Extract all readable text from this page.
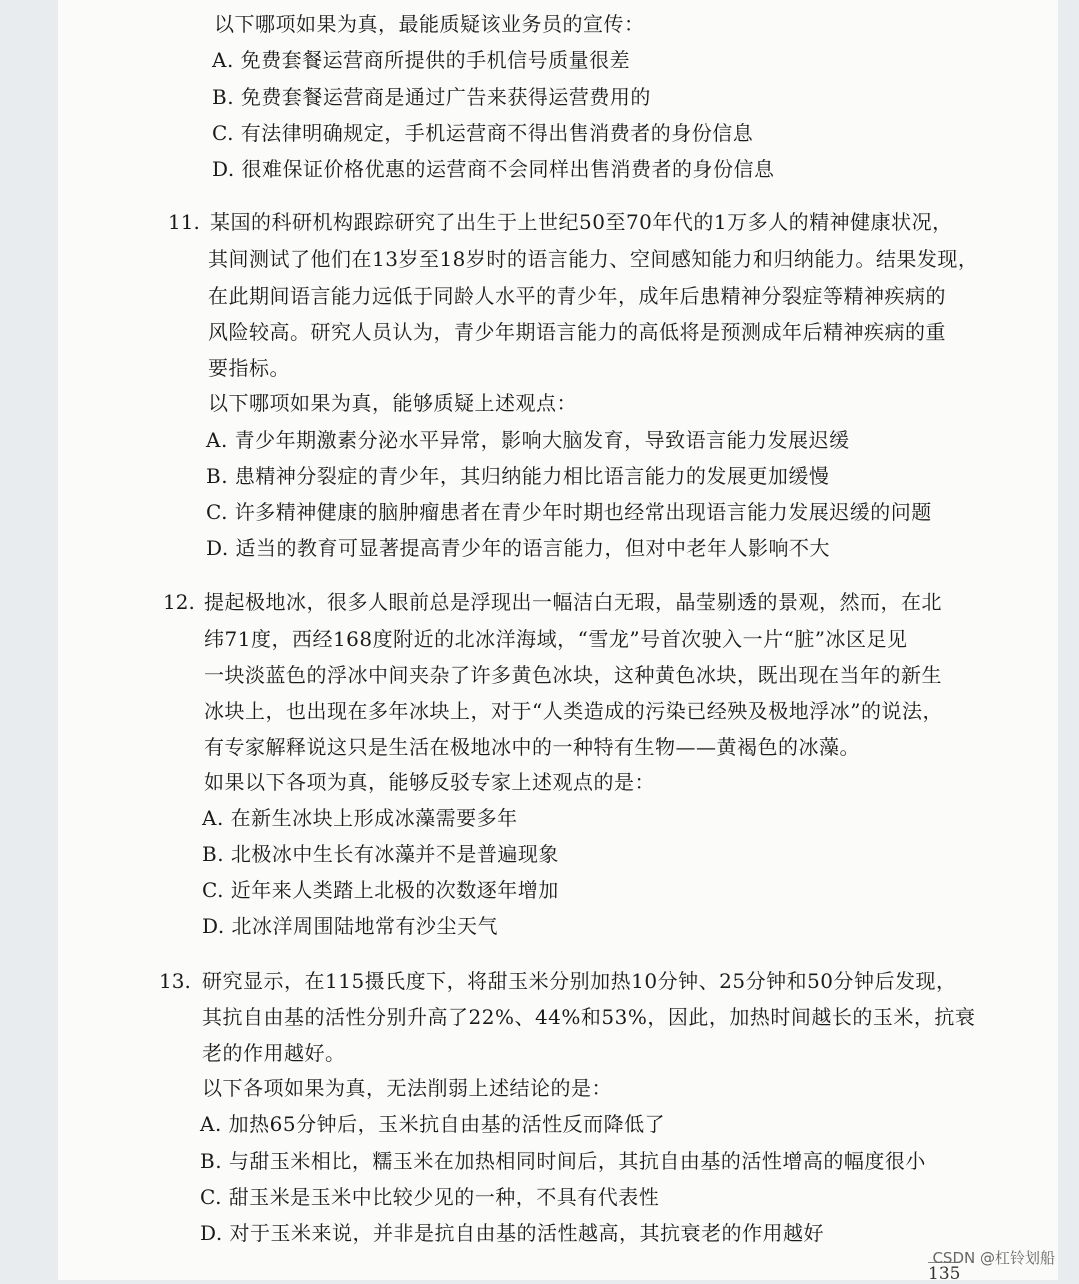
以下哪项如果为真，最能质疑该业务员的宣传：
A. 免费套餐运营商所提供的手机信号质量很差
B. 免费套餐运营商是通过广告来获得运营费用的
C. 有法律明确规定，手机运营商不得出售消费者的身份信息
D. 很难保证价格优惠的运营商不会同样出售消费者的身份信息
11. 某国的科研机构跟踪研究了出生于上世纪50至70年代的1万多人的精神健康状况，
其间测试了他们在13岁至18岁时的语言能力、空间感知能力和归纳能力。结果发现，
在此期间语言能力远低于同龄人水平的青少年，成年后患精神分裂症等精神疾病的
风险较高。研究人员认为，青少年期语言能力的高低将是预测成年后精神疾病的重
要指标。
以下哪项如果为真，能够质疑上述观点：
A. 青少年期激素分泌水平异常，影响大脑发育，导致语言能力发展迟缓
B. 患精神分裂症的青少年，其归纳能力相比语言能力的发展更加缓慢
C. 许多精神健康的脑肿瘤患者在青少年时期也经常出现语言能力发展迟缓的问题
D. 适当的教育可显著提高青少年的语言能力，但对中老年人影响不大
12. 提起极地冰，很多人眼前总是浮现出一幅洁白无瑕，晶莹剔透的景观，然而，在北
纬71度，西经168度附近的北冰洋海域，“雪龙”号首次驶入一片“脏”冰区足见
一块淡蓝色的浮冰中间夹杂了许多黄色冰块，这种黄色冰块，既出现在当年的新生
冰块上，也出现在多年冰块上，对于“人类造成的污染已经殃及极地浮冰”的说法，
有专家解释说这只是生活在极地冰中的一种特有生物——黄褐色的冰藻。
如果以下各项为真，能够反驳专家上述观点的是：
A. 在新生冰块上形成冰藻需要多年
B. 北极冰中生长有冰藻并不是普遍现象
C. 近年来人类踏上北极的次数逐年增加
D. 北冰洋周围陆地常有沙尘天气
13. 研究显示，在115摄氏度下，将甜玉米分别加热10分钟、25分钟和50分钟后发现，
其抗自由基的活性分别升高了22%、44%和53%，因此，加热时间越长的玉米，抗衰
老的作用越好。
以下各项如果为真，无法削弱上述结论的是：
A. 加热65分钟后，玉米抗自由基的活性反而降低了
B. 与甜玉米相比，糯玉米在加热相同时间后，其抗自由基的活性增高的幅度很小
C. 甜玉米是玉米中比较少见的一种，不具有代表性
D. 对于玉米来说，并非是抗自由基的活性越高，其抗衰老的作用越好
135
CSDN @杠铃划船
